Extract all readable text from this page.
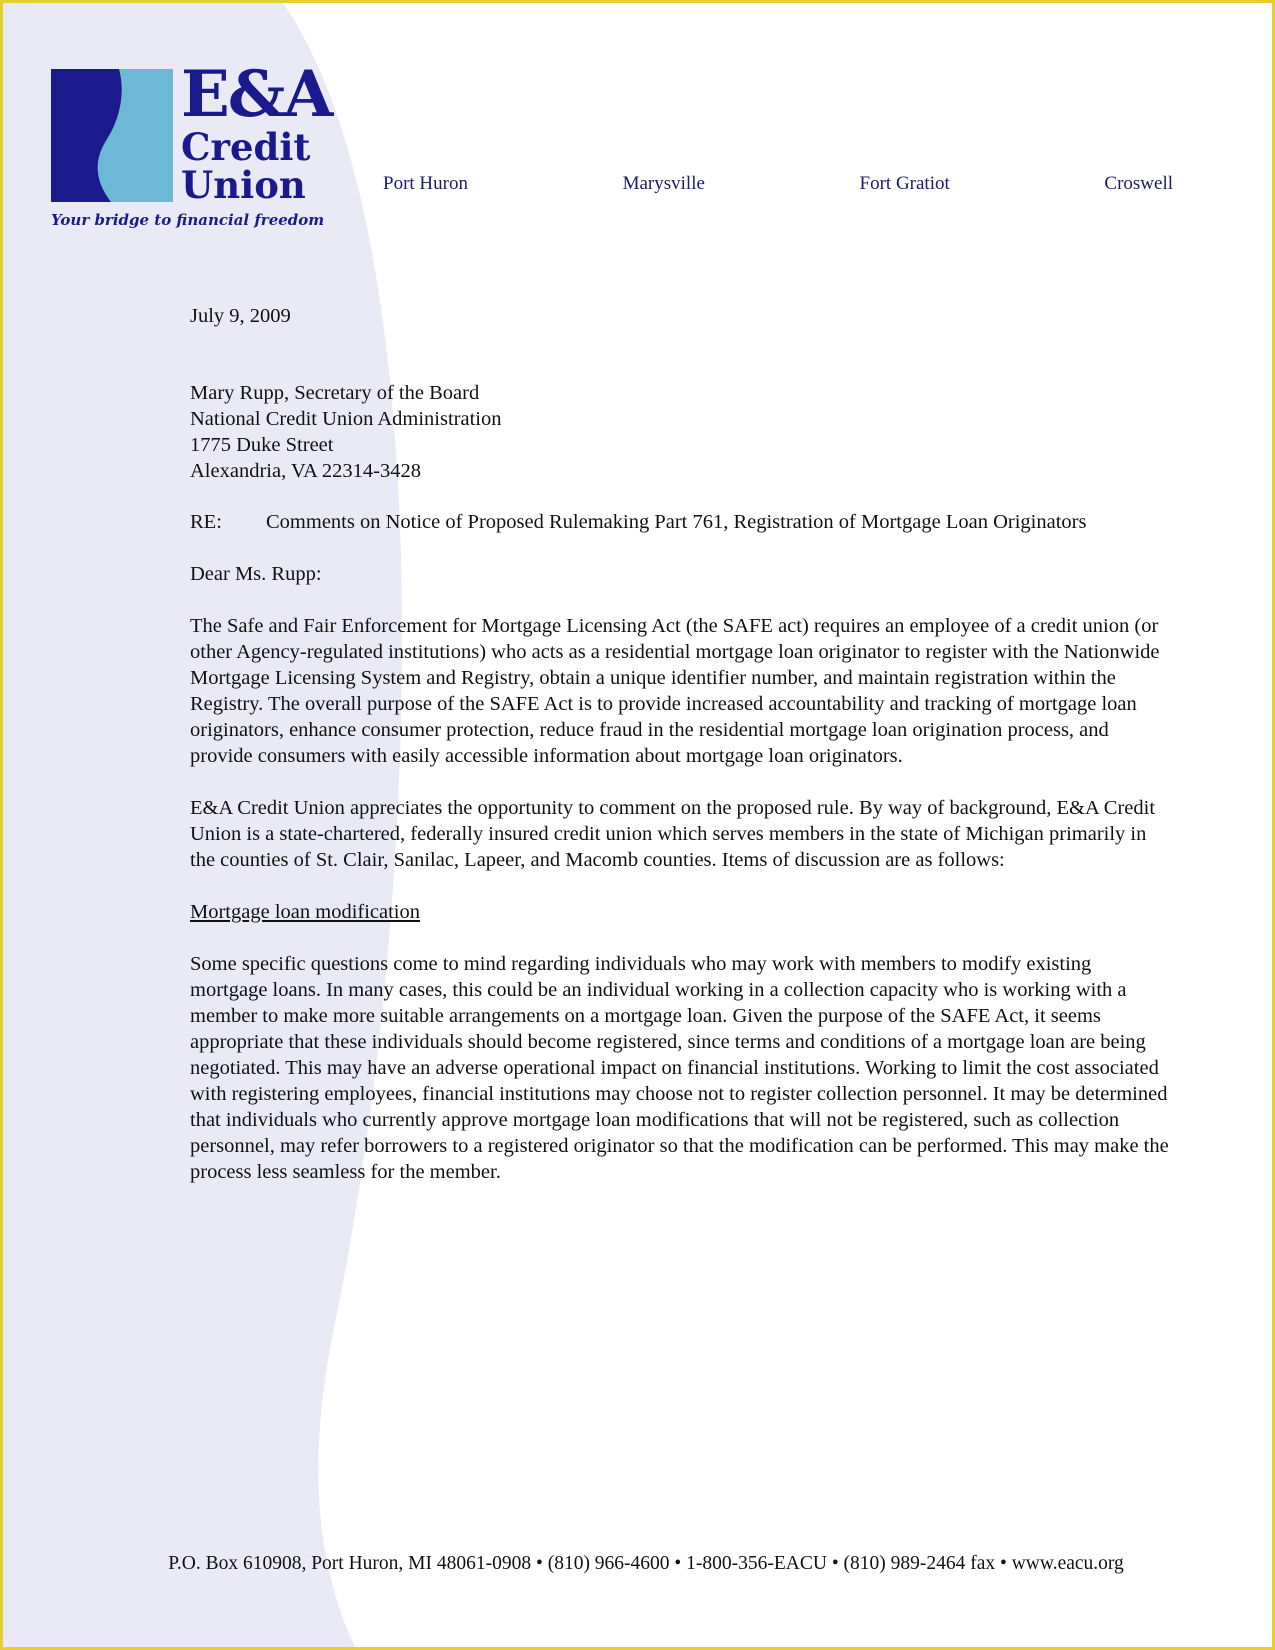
E&A
Credit
Union
Your bridge to financial freedom
Port Huron	Marysville	Fort Gratiot	Croswell

July 9, 2009

Mary Rupp, Secretary of the Board

National Credit Union Administration

1775 Duke Street

Alexandria, VA 22314-3428

RE:	Comments on Notice of Proposed Rulemaking Part 761, Registration of Mortgage Loan Originators

Dear Ms. Rupp:

The Safe and Fair Enforcement for Mortgage Licensing Act (the SAFE act) requires an employee of a credit union (or other Agency-regulated institutions) who acts as a residential mortgage loan originator to register with the Nationwide Mortgage Licensing System and Registry, obtain a unique identifier number, and maintain registration within the Registry. The overall purpose of the SAFE Act is to provide increased accountability and tracking of mortgage loan originators, enhance consumer protection, reduce fraud in the residential mortgage loan origination process, and provide consumers with easily accessible information about mortgage loan originators.

E&A Credit Union appreciates the opportunity to comment on the proposed rule. By way of background, E&A Credit Union is a state-chartered, federally insured credit union which serves members in the state of Michigan primarily in the counties of St. Clair, Sanilac, Lapeer, and Macomb counties. Items of discussion are as follows:

Mortgage loan modification

Some specific questions come to mind regarding individuals who may work with members to modify existing mortgage loans. In many cases, this could be an individual working in a collection capacity who is working with a member to make more suitable arrangements on a mortgage loan. Given the purpose of the SAFE Act, it seems appropriate that these individuals should become registered, since terms and conditions of a mortgage loan are being negotiated. This may have an adverse operational impact on financial institutions. Working to limit the cost associated with registering employees, financial institutions may choose not to register collection personnel. It may be determined that individuals who currently approve mortgage loan modifications that will not be registered, such as collection personnel, may refer borrowers to a registered originator so that the modification can be performed. This may make the process less seamless for the member.

P.O. Box 610908, Port Huron, MI 48061-0908 • (810) 966-4600 • 1-800-356-EACU • (810) 989-2464 fax • www.eacu.org
